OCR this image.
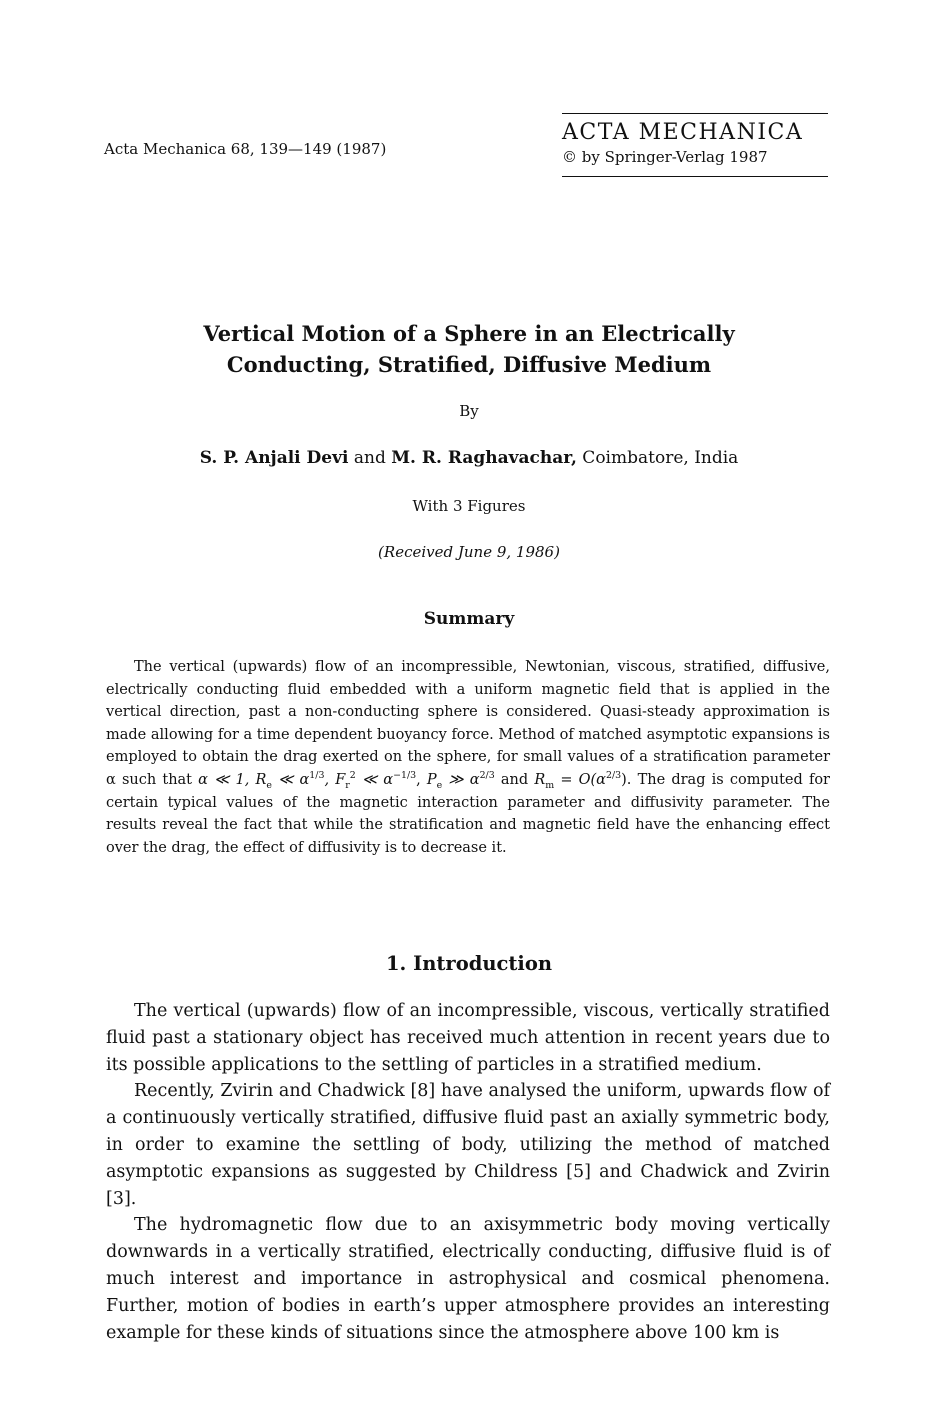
Acta Mechanica 68, 139—149 (1987)
ACTA MECHANICA
© by Springer-Verlag 1987
Vertical Motion of a Sphere in an Electrically
Conducting, Stratified, Diffusive Medium
By
S. P. Anjali Devi and M. R. Raghavachar, Coimbatore, India
With 3 Figures
(Received June 9, 1986)
Summary

The vertical (upwards) flow of an incompressible, Newtonian, viscous, stratified, diffusive, electrically conducting fluid embedded with a uniform magnetic field that is applied in the vertical direction, past a non-conducting sphere is considered. Quasi-steady approximation is made allowing for a time dependent buoyancy force. Method of matched asymptotic expansions is employed to obtain the drag exerted on the sphere, for small values of a stratification parameter α such that α ≪ 1, $R_e$ ≪ $\alpha^{1/3}$, $F_r^2$ ≪ $\alpha^{-1/3}$, $P_e$ ≫ $\alpha^{2/3}$ and $R_m = O(\alpha^{2/3})$. The drag is computed for certain typical values of the magnetic interaction parameter and diffusivity parameter. The results reveal the fact that while the stratification and magnetic field have the enhancing effect over the drag, the effect of diffusivity is to decrease it.

1. Introduction

The vertical (upwards) flow of an incompressible, viscous, vertically stratified fluid past a stationary object has received much attention in recent years due to its possible applications to the settling of particles in a stratified medium.

Recently, Zvirin and Chadwick [8] have analysed the uniform, upwards flow of a continuously vertically stratified, diffusive fluid past an axially symmetric body, in order to examine the settling of body, utilizing the method of matched asymptotic expansions as suggested by Childress [5] and Chadwick and Zvirin [3].

The hydromagnetic flow due to an axisymmetric body moving vertically downwards in a vertically stratified, electrically conducting, diffusive fluid is of much interest and importance in astrophysical and cosmical phenomena. Further, motion of bodies in earth’s upper atmosphere provides an interesting example for these kinds of situations since the atmosphere above 100 km is
